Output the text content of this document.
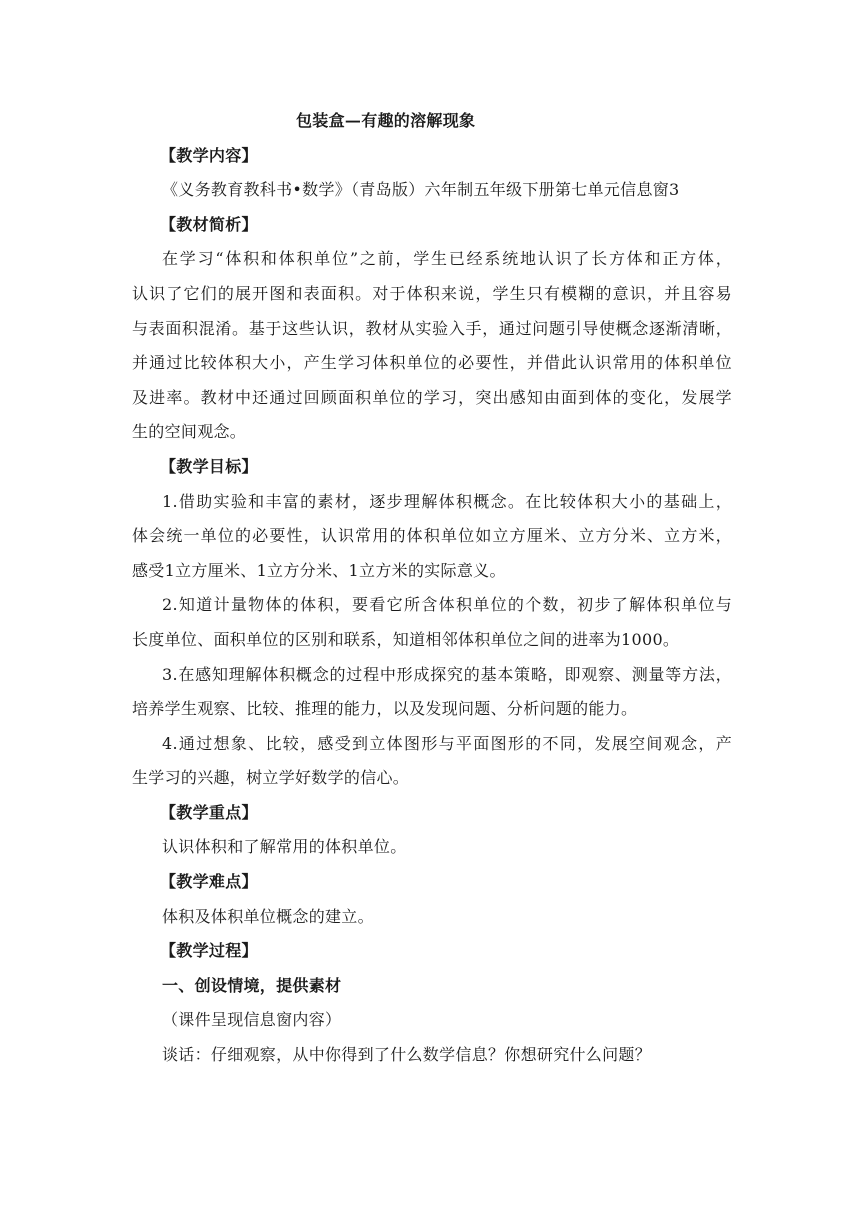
包装盒—有趣的溶解现象
【教学内容】
《义务教育教科书•数学》（青岛版）六年制五年级下册第七单元信息窗3
【教材简析】
在学习“体积和体积单位”之前，学生已经系统地认识了长方体和正方体，
认识了它们的展开图和表面积。对于体积来说，学生只有模糊的意识，并且容易
与表面积混淆。基于这些认识，教材从实验入手，通过问题引导使概念逐渐清晰，
并通过比较体积大小，产生学习体积单位的必要性，并借此认识常用的体积单位
及进率。教材中还通过回顾面积单位的学习，突出感知由面到体的变化，发展学
生的空间观念。
【教学目标】
1.借助实验和丰富的素材，逐步理解体积概念。在比较体积大小的基础上，
体会统一单位的必要性，认识常用的体积单位如立方厘米、立方分米、立方米，
感受1立方厘米、1立方分米、1立方米的实际意义。
2.知道计量物体的体积，要看它所含体积单位的个数，初步了解体积单位与
长度单位、面积单位的区别和联系，知道相邻体积单位之间的进率为1000。
3.在感知理解体积概念的过程中形成探究的基本策略，即观察、测量等方法，
培养学生观察、比较、推理的能力，以及发现问题、分析问题的能力。
4.通过想象、比较，感受到立体图形与平面图形的不同，发展空间观念，产
生学习的兴趣，树立学好数学的信心。
【教学重点】
认识体积和了解常用的体积单位。
【教学难点】
体积及体积单位概念的建立。
【教学过程】
一、创设情境，提供素材
（课件呈现信息窗内容）
谈话：仔细观察，从中你得到了什么数学信息？你想研究什么问题？
